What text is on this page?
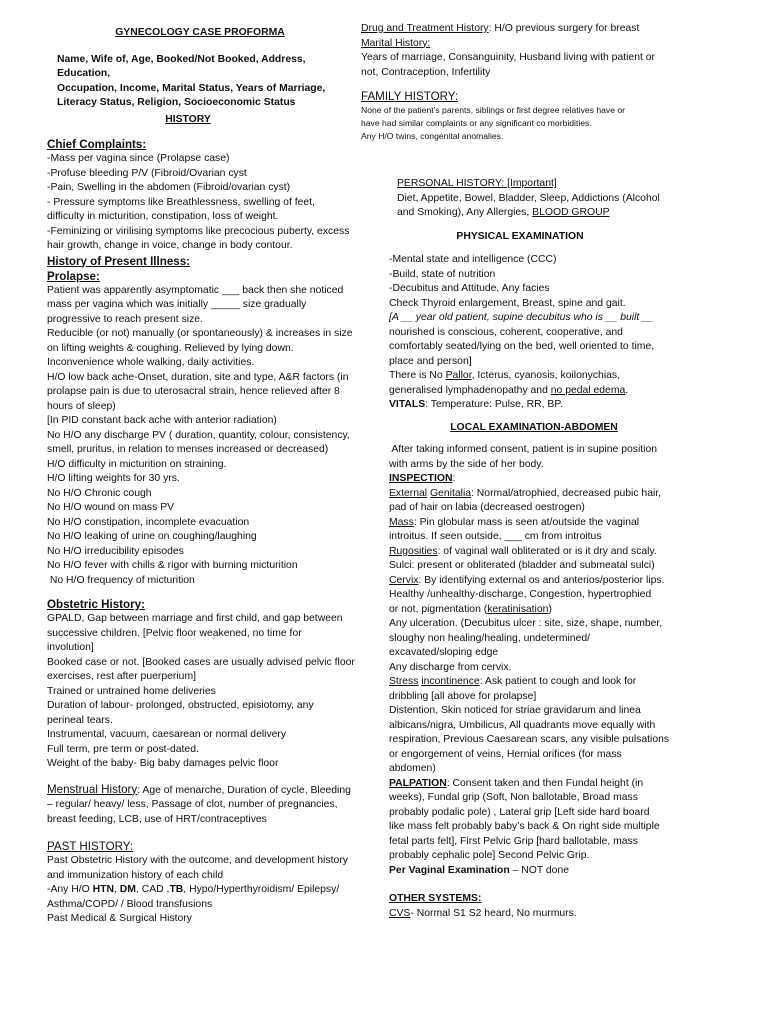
GYNECOLOGY CASE PROFORMA

Name, Wife of, Age, Booked/Not Booked, Address, Education,

Occupation, Income, Marital Status, Years of Marriage,

Literacy Status, Religion, Socioeconomic Status

HISTORY

Chief Complaints:

-Mass per vagina since (Prolapse case)

-Profuse bleeding P/V (Fibroid/Ovarian cyst

-Pain, Swelling in the abdomen (Fibroid/ovarian cyst)

- Pressure symptoms like Breathlessness, swelling of feet,

difficulty in micturition, constipation, loss of weight.

-Feminizing or virilising symptoms like precocious puberty, excess

hair growth, change in voice, change in body contour.

History of Present Illness:

Prolapse:

Patient was apparently asymptomatic ___ back then she noticed

mass per vagina which was initially _____ size gradually

progressive to reach present size.

Reducible (or not) manually (or spontaneously) & increases in size

on lifting weights & coughing. Relieved by lying down.

Inconvenience whole walking, daily activities.

H/O low back ache-Onset, duration, site and type, A&R factors (in

prolapse pain is due to uterosacral strain, hence relieved after 8

hours of sleep)

[In PID constant back ache with anterior radiation)

No H/O any discharge PV ( duration, quantity, colour, consistency,

smell, pruritus, in relation to menses increased or decreased)

H/O difficulty in micturition on straining.

H/O lifting weights for 30 yrs.

No H/O Chronic cough

No H/O wound on mass PV

No H/O constipation, incomplete evacuation

No H/O leaking of urine on coughing/laughing

No H/O irreducibility episodes

No H/O fever with chills & rigor with burning micturition

No H/O frequency of micturition

Obstetric History:

GPALD, Gap between marriage and first child, and gap between

successive children. [Pelvic floor weakened, no time for

involution]

Booked case or not. [Booked cases are usually advised pelvic floor

exercises, rest after puerperium]

Trained or untrained home deliveries

Duration of labour- prolonged, obstructed, episiotomy, any

perineal tears.

Instrumental, vacuum, caesarean or normal delivery

Full term, pre term or post-dated.

Weight of the baby- Big baby damages pelvic floor

Menstrual History: Age of menarche, Duration of cycle, Bleeding

– regular/ heavy/ less, Passage of clot, number of pregnancies,

breast feeding, LCB, use of HRT/contraceptives

PAST HISTORY:

Past Obstetric History with the outcome, and development history

and immunization history of each child

-Any H/O HTN, DM, CAD ,TB, Hypo/Hyperthyroidism/ Epilepsy/

Asthma/COPD/ / Blood transfusions

Past Medical & Surgical History

Drug and Treatment History: H/O previous surgery for breast

Marital History:

Years of marriage, Consanguinity, Husband living with patient or

not, Contraception, Infertility

FAMILY HISTORY:

None of the patient’s parents, siblings or first degree relatives have or

have had similar complaints or any significant co morbidities.

Any H/O twins, congenital anomalies.

PERSONAL HISTORY: [Important]

Diet, Appetite, Bowel, Bladder, Sleep, Addictions (Alcohol

and Smoking), Any Allergies, BLOOD GROUP

PHYSICAL EXAMINATION

-Mental state and intelligence (CCC)

-Build, state of nutrition

-Decubitus and Attitude, Any facies

Check Thyroid enlargement, Breast, spine and gait.

[A __ year old patient, supine decubitus who is __ built __

nourished is conscious, coherent, cooperative, and

comfortably seated/lying on the bed, well oriented to time,

place and person]

There is No Pallor, Icterus, cyanosis, koilonychias,

generalised lymphadenopathy and no pedal edema.

VITALS: Temperature: Pulse, RR, BP.

LOCAL EXAMINATION-ABDOMEN

After taking informed consent, patient is in supine position

with arms by the side of her body.

INSPECTION:

External Genitalia: Normal/atrophied, decreased pubic hair,

pad of hair on labia (decreased oestrogen)

Mass: Pin globular mass is seen at/outside the vaginal

introitus. If seen outside, ___ cm from introitus

Rugosities: of vaginal wall obliterated or is it dry and scaly.

Sulci: present or obliterated (bladder and submeatal sulci)

Cervix: By identifying external os and anterios/posterior lips.

Healthy /unhealthy-discharge, Congestion, hypertrophied

or not, pigmentation (keratinisation)

Any ulceration. (Decubitus ulcer : site, size, shape, number,

sloughy non healing/healing, undetermined/

excavated/sloping edge

Any discharge from cervix.

Stress incontinence: Ask patient to cough and look for

dribbling [all above for prolapse]

Distention, Skin noticed for striae gravidarum and linea

albicans/nigra, Umbilicus, All quadrants move equally with

respiration, Previous Caesarean scars, any visible pulsations

or engorgement of veins, Hernial orifices (for mass

abdomen)

PALPATION: Consent taken and then Fundal height (in

weeks), Fundal grip (Soft, Non ballotable, Broad mass

probably podalic pole) , Lateral grip [Left side hard board

like mass felt probably baby’s back & On right side multiple

fetal parts felt], First Pelvic Grip [hard ballotable, mass

probably cephalic pole] Second Pelvic Grip.

Per Vaginal Examination – NOT done

OTHER SYSTEMS:

CVS- Normal S1 S2 heard, No murmurs.
